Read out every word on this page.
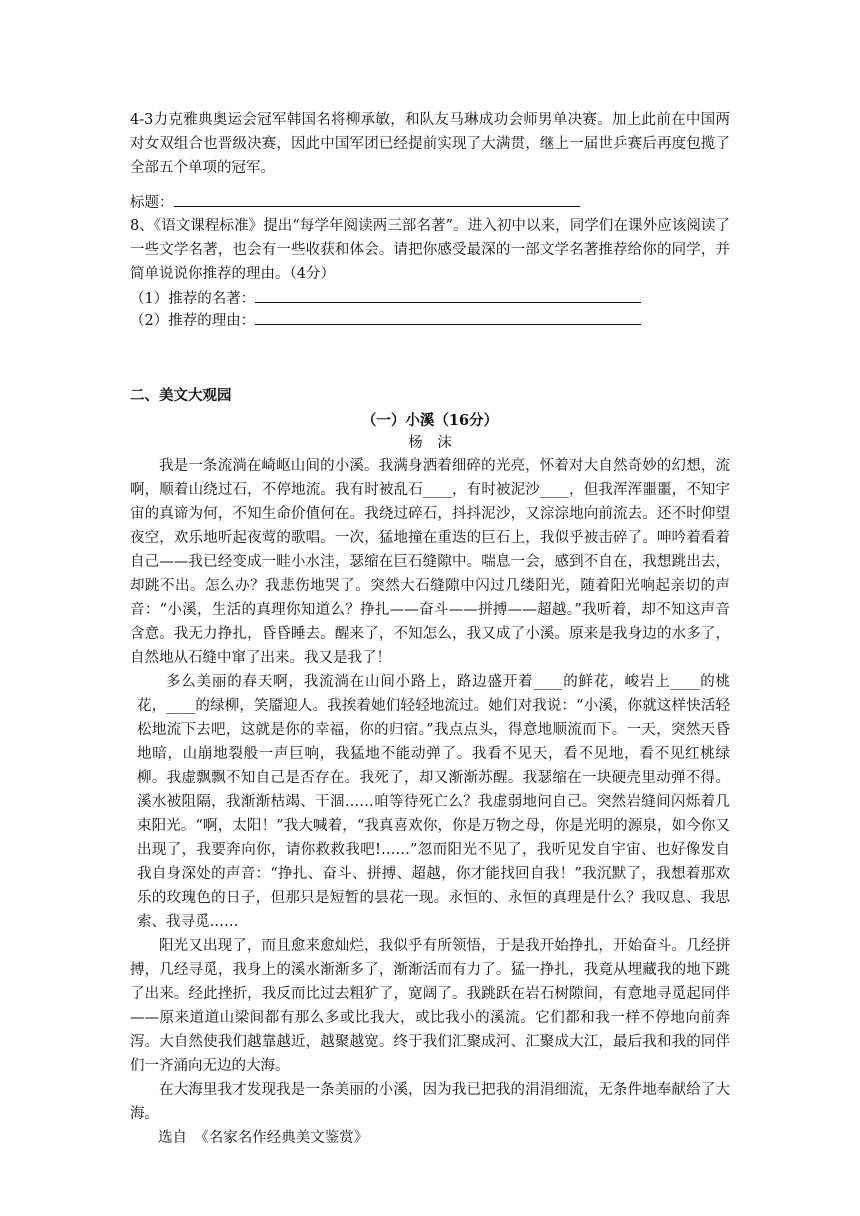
4-3力克雅典奥运会冠军韩国名将柳承敏，和队友马琳成功会师男单决赛。加上此前在中国两对女双组合也晋级决赛，因此中国军团已经提前实现了大满贯，继上一届世乒赛后再度包揽了全部五个单项的冠军。

标题：

8、《语文课程标准》提出“每学年阅读两三部名著”。进入初中以来，同学们在课外应该阅读了一些文学名著，也会有一些收获和体会。请把你感受最深的一部文学名著推荐给你的同学，并简单说说你推荐的理由。（4分）

（1）推荐的名著：
（2）推荐的理由：
二、美文大观园
（一）小溪（16分）
杨　沫

我是一条流淌在崎岖山间的小溪。我满身洒着细碎的光亮，怀着对大自然奇妙的幻想，流啊，顺着山绕过石，不停地流。我有时被乱石____，有时被泥沙____，但我浑浑噩噩，不知宇宙的真谛为何，不知生命价值何在。我绕过碎石，抖抖泥沙，又淙淙地向前流去。还不时仰望夜空，欢乐地听起夜莺的歌唱。一次，猛地撞在重迭的巨石上，我似乎被击碎了。呻吟着看着自己——我已经变成一畦小水洼，瑟缩在巨石缝隙中。喘息一会，感到不自在，我想跳出去，却跳不出。怎么办？我悲伤地哭了。突然大石缝隙中闪过几缕阳光，随着阳光响起亲切的声音：“小溪，生活的真理你知道么？挣扎——奋斗——拼搏——超越。”我听着，却不知这声音含意。我无力挣扎，昏昏睡去。醒来了，不知怎么，我又成了小溪。原来是我身边的水多了，自然地从石缝中窜了出来。我又是我了！

多么美丽的春天啊，我流淌在山间小路上，路边盛开着____的鲜花，峻岩上____的桃花，____的绿柳，笑靥迎人。我挨着她们轻轻地流过。她们对我说：“小溪，你就这样快活轻松地流下去吧，这就是你的幸福，你的归宿。”我点点头，得意地顺流而下。一天，突然天昏地暗，山崩地裂般一声巨响，我猛地不能动弹了。我看不见天，看不见地，看不见红桃绿柳。我虚飘飘不知自己是否存在。我死了，却又渐渐苏醒。我瑟缩在一块硬壳里动弹不得。溪水被阻隔，我渐渐枯竭、干涸……咱等待死亡么？我虚弱地问自己。突然岩缝间闪烁着几束阳光。“啊，太阳！”我大喊着，“我真喜欢你，你是万物之母，你是光明的源泉，如今你又出现了，我要奔向你，请你救救我吧!……”忽而阳光不见了，我听见发自宇宙、也好像发自我自身深处的声音：“挣扎、奋斗、拼搏、超越，你才能找回自我！”我沉默了，我想着那欢乐的玫瑰色的日子，但那只是短暂的昙花一现。永恒的、永恒的真理是什么？我叹息、我思索、我寻觅……

阳光又出现了，而且愈来愈灿烂，我似乎有所领悟，于是我开始挣扎，开始奋斗。几经拼搏，几经寻觅，我身上的溪水渐渐多了，渐渐活而有力了。猛一挣扎，我竟从埋藏我的地下跳了出来。经此挫折，我反而比过去粗犷了，宽阔了。我跳跃在岩石树隙间，有意地寻觅起同伴——原来道道山梁间都有那么多或比我大，或比我小的溪流。它们都和我一样不停地向前奔泻。大自然使我们越靠越近，越聚越宽。终于我们汇聚成河、汇聚成大江，最后我和我的同伴们一齐涌向无边的大海。

在大海里我才发现我是一条美丽的小溪，因为我已把我的涓涓细流，无条件地奉献给了大海。

选自　《名家名作经典美文鉴赏》
